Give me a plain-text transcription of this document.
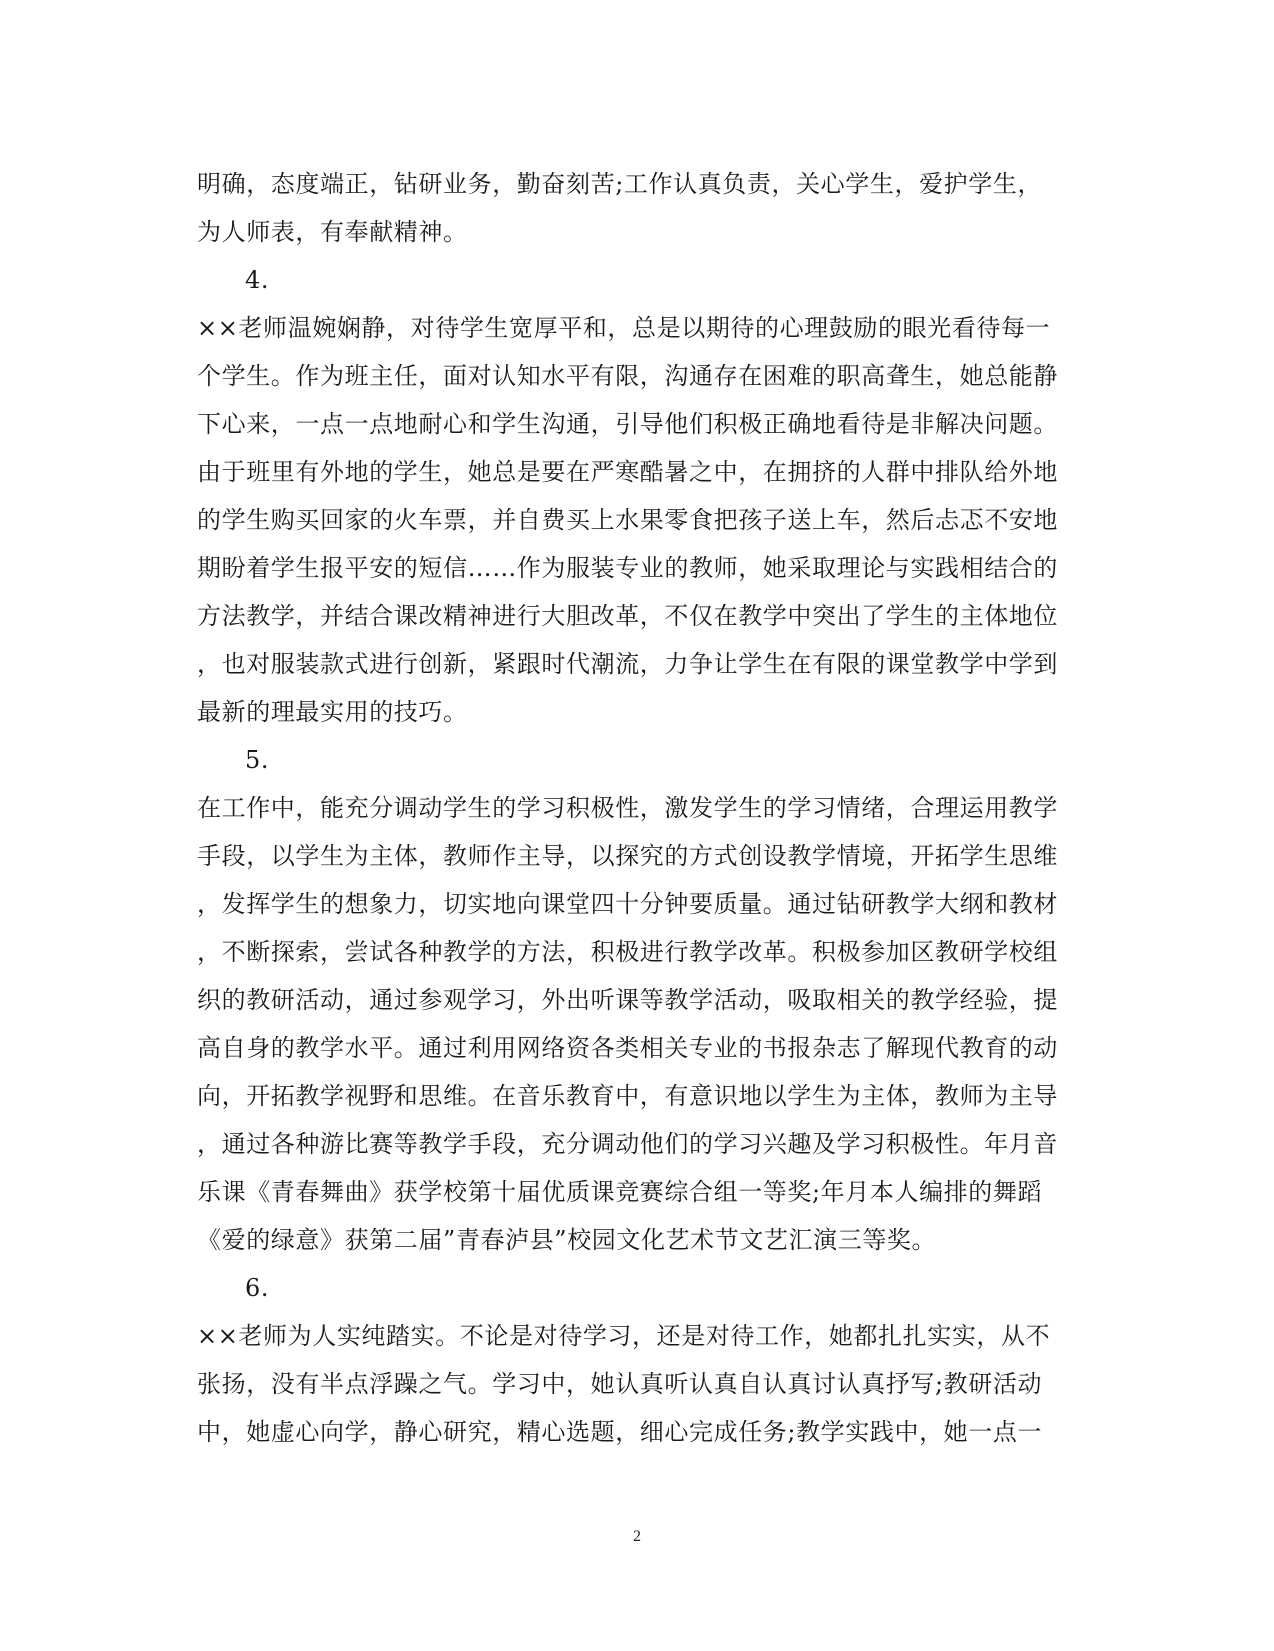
明确，态度端正，钻研业务，勤奋刻苦;工作认真负责，关心学生，爱护学生，
为人师表，有奉献精神。
4.
××老师温婉娴静，对待学生宽厚平和，总是以期待的心理鼓励的眼光看待每一
个学生。作为班主任，面对认知水平有限，沟通存在困难的职高聋生，她总能静
下心来，一点一点地耐心和学生沟通，引导他们积极正确地看待是非解决问题。
由于班里有外地的学生，她总是要在严寒酷暑之中，在拥挤的人群中排队给外地
的学生购买回家的火车票，并自费买上水果零食把孩子送上车，然后忐忑不安地
期盼着学生报平安的短信……作为服装专业的教师，她采取理论与实践相结合的
方法教学，并结合课改精神进行大胆改革，不仅在教学中突出了学生的主体地位
，也对服装款式进行创新，紧跟时代潮流，力争让学生在有限的课堂教学中学到
最新的理最实用的技巧。
5.
在工作中，能充分调动学生的学习积极性，激发学生的学习情绪，合理运用教学
手段，以学生为主体，教师作主导，以探究的方式创设教学情境，开拓学生思维
，发挥学生的想象力，切实地向课堂四十分钟要质量。通过钻研教学大纲和教材
，不断探索，尝试各种教学的方法，积极进行教学改革。积极参加区教研学校组
织的教研活动，通过参观学习，外出听课等教学活动，吸取相关的教学经验，提
高自身的教学水平。通过利用网络资各类相关专业的书报杂志了解现代教育的动
向，开拓教学视野和思维。在音乐教育中，有意识地以学生为主体，教师为主导
，通过各种游比赛等教学手段，充分调动他们的学习兴趣及学习积极性。年月音
乐课《青春舞曲》获学校第十届优质课竞赛综合组一等奖;年月本人编排的舞蹈
《爱的绿意》获第二届”青春泸县”校园文化艺术节文艺汇演三等奖。
6.
××老师为人实纯踏实。不论是对待学习，还是对待工作，她都扎扎实实，从不
张扬，没有半点浮躁之气。学习中，她认真听认真自认真讨认真抒写;教研活动
中，她虚心向学，静心研究，精心选题，细心完成任务;教学实践中，她一点一
2
